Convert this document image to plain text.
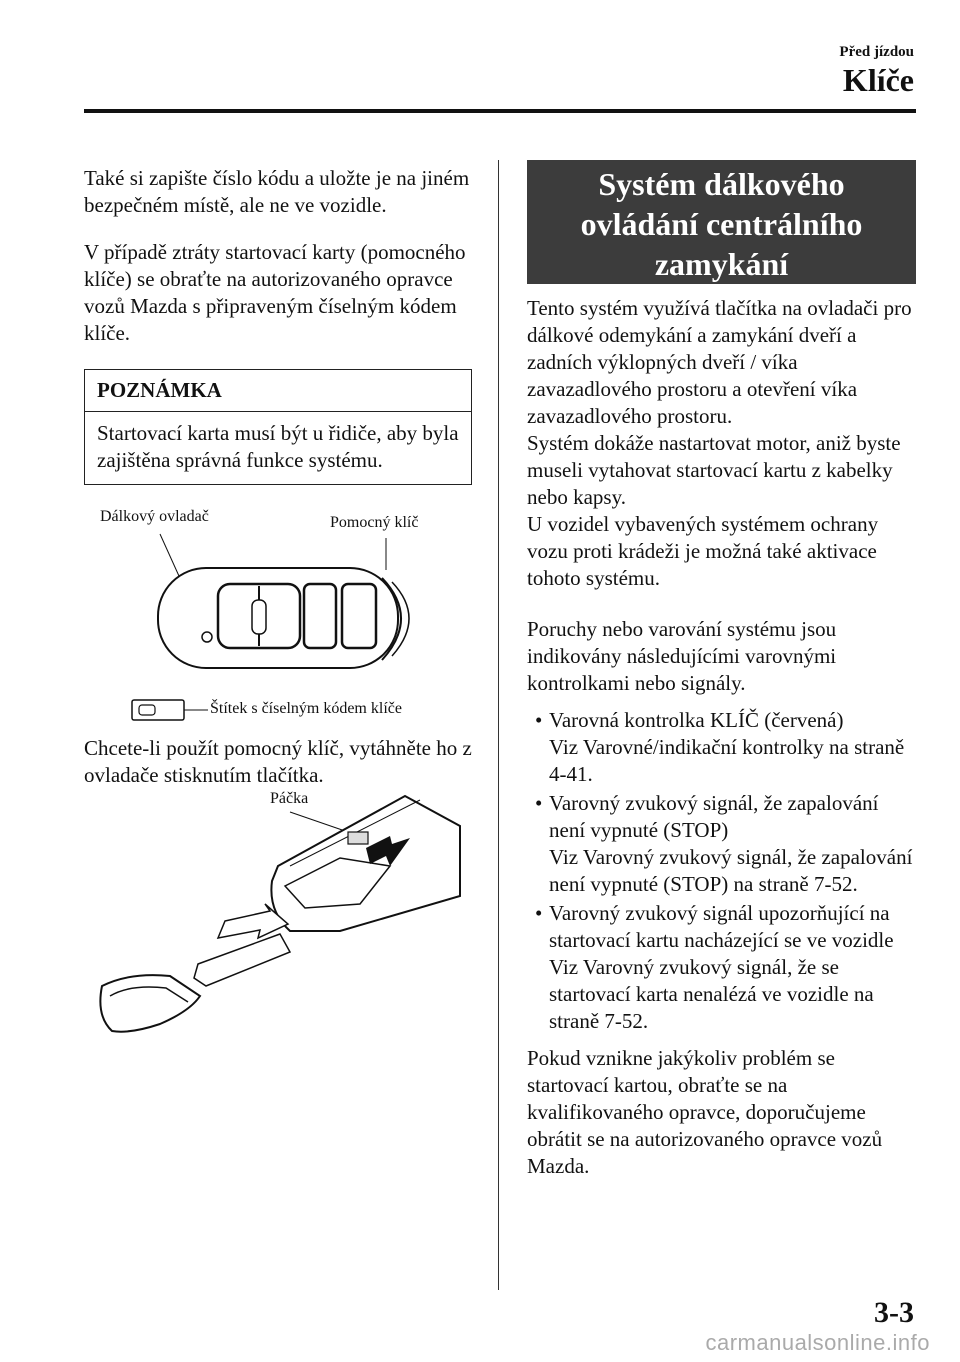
Před jízdou
Klíče

Také si zapište číslo kódu a uložte je na jiném bezpečném místě, ale ne ve vozidle.

V případě ztráty startovací karty (pomocného klíče) se obraťte na autorizovaného opravce vozů Mazda s připraveným číselným kódem klíče.

POZNÁMKA
Startovací karta musí být u řidiče, aby byla zajištěna správná funkce systému.
Dálkový ovladač	Pomocný klíč
Štítek s číselným kódem klíče

Chcete-li použít pomocný klíč, vytáhněte ho z ovladače stisknutím tlačítka.

Páčka
Systém dálkového
ovládání centrálního
zamykání

Tento systém využívá tlačítka na ovladači pro dálkové odemykání a zamykání dveří a zadních výklopných dveří / víka zavazadlového prostoru a otevření víka zavazadlového prostoru.

Systém dokáže nastartovat motor, aniž byste museli vytahovat startovací kartu z kabelky nebo kapsy.

U vozidel vybavených systémem ochrany vozu proti krádeži je možná také aktivace tohoto systému.

Poruchy nebo varování systému jsou indikovány následujícími varovnými kontrolkami nebo signály.

• Varovná kontrolka KLÍČ (červená)
Viz Varovné/indikační kontrolky na straně 4-41.
• Varovný zvukový signál, že zapalování není vypnuté (STOP)
Viz Varovný zvukový signál, že zapalování není vypnuté (STOP) na straně 7-52.
• Varovný zvukový signál upozorňující na startovací kartu nacházející se ve vozidle
Viz Varovný zvukový signál, že se startovací karta nenalézá ve vozidle na straně 7-52.

Pokud vznikne jakýkoliv problém se startovací kartou, obraťte se na kvalifikovaného opravce, doporučujeme obrátit se na autorizovaného opravce vozů Mazda.

3-3
carmanualsonline.info
